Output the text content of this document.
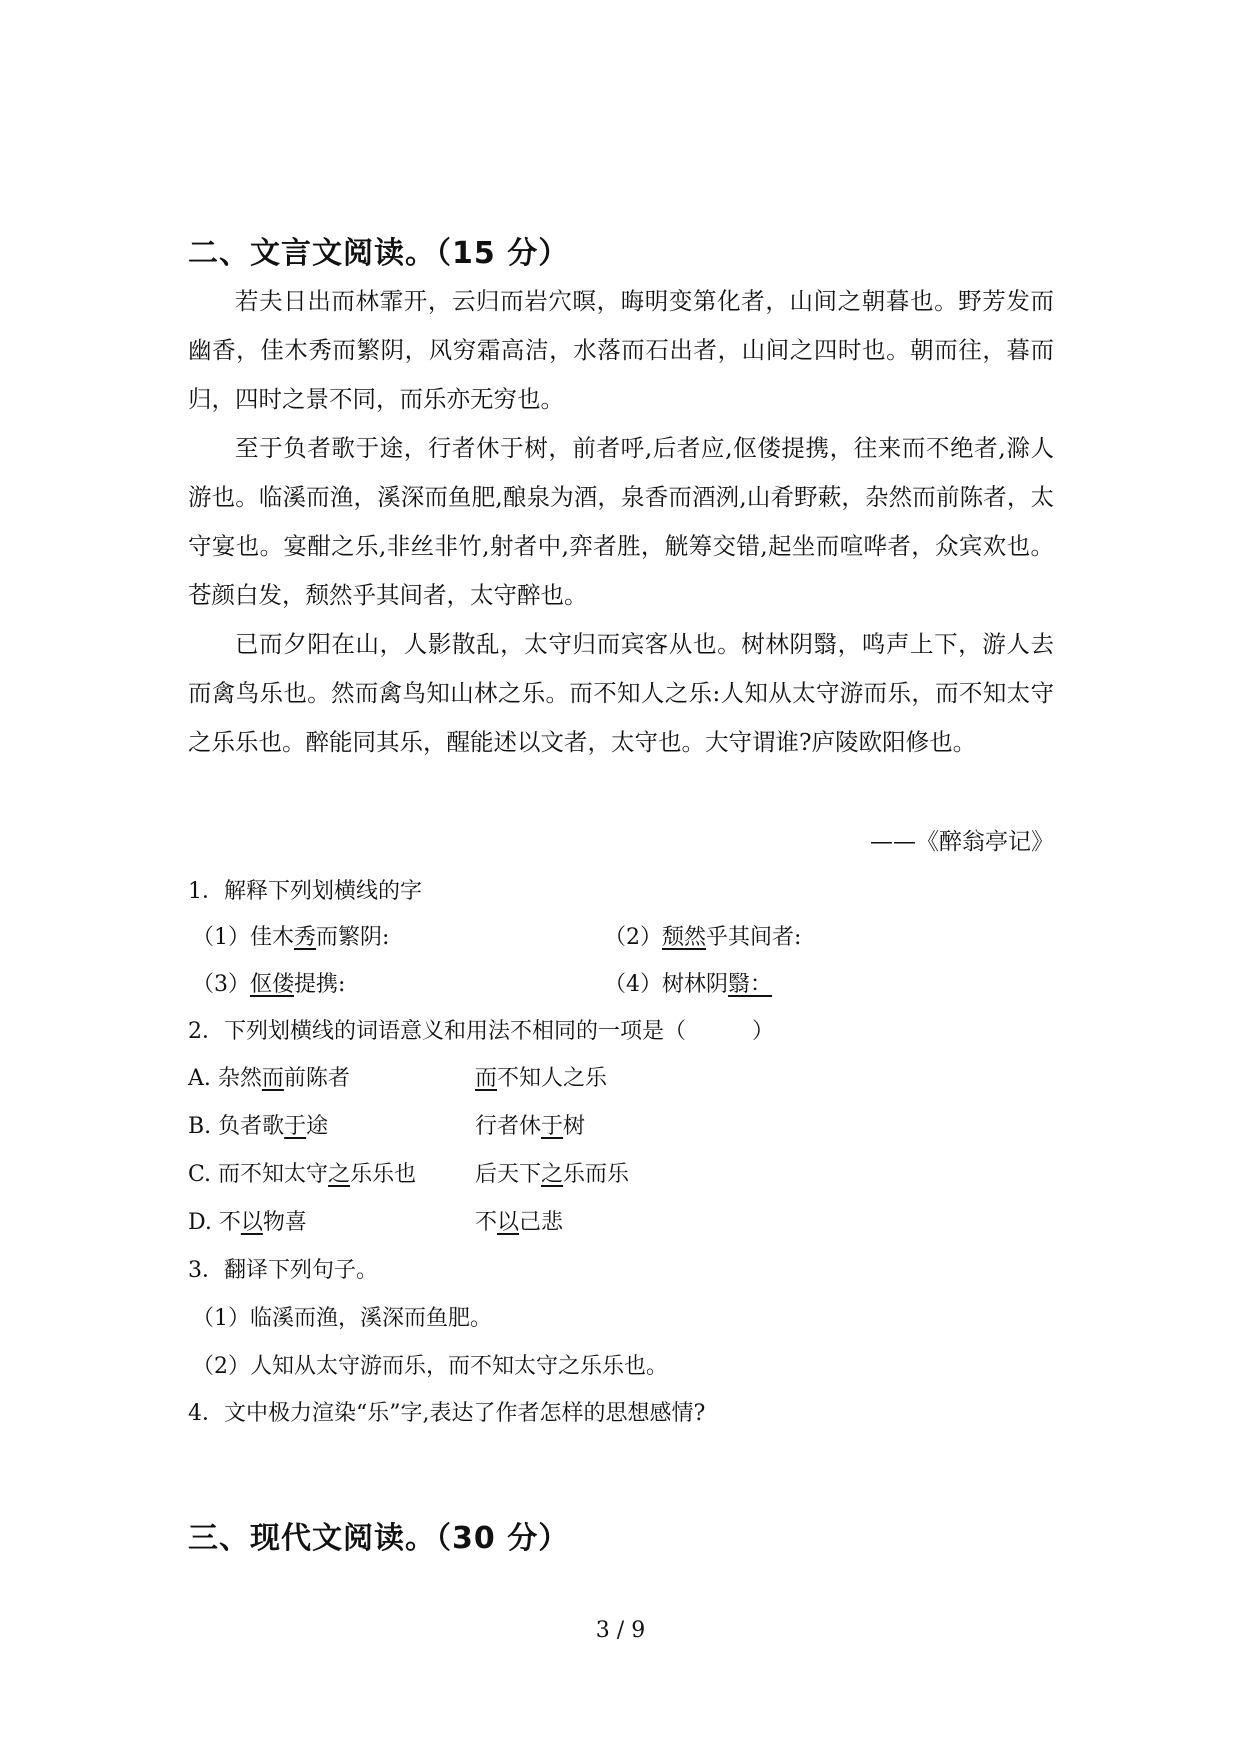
二、文言文阅读。（15 分）

若夫日出而林霏开，云归而岩穴暝，晦明变第化者，山间之朝暮也。野芳发而幽香，佳木秀而繁阴，风穷霜高洁，水落而石出者，山间之四时也。朝而往，暮而归，四时之景不同，而乐亦无穷也。

至于负者歌于途，行者休于树，前者呼,后者应,伛偻提携，往来而不绝者,滁人游也。临溪而渔，溪深而鱼肥,酿泉为酒，泉香而酒洌,山肴野蔌，杂然而前陈者，太守宴也。宴酣之乐,非丝非竹,射者中,弈者胜，觥筹交错,起坐而喧哗者，众宾欢也。苍颜白发，颓然乎其间者，太守醉也。

已而夕阳在山，人影散乱，太守归而宾客从也。树林阴翳，鸣声上下，游人去而禽鸟乐也。然而禽鸟知山林之乐。而不知人之乐:人知从太守游而乐，而不知太守之乐乐也。醉能同其乐，醒能述以文者，太守也。大守谓谁?庐陵欧阳修也。

——《醉翁亭记》
1．解释下列划横线的字
（1）佳木秀而繁阴:	（2）颓然乎其间者:
（3）伛偻提携:	（4）树林阴翳：
2．下列划横线的词语意义和用法不相同的一项是（　　　）
A. 杂然而前陈者	而不知人之乐
B. 负者歌于途	行者休于树
C. 而不知太守之乐乐也	后天下之乐而乐
D. 不以物喜	不以己悲
3．翻译下列句子。
（1）临溪而渔，溪深而鱼肥。
（2）人知从太守游而乐，而不知太守之乐乐也。
4．文中极力渲染“乐”字,表达了作者怎样的思想感情?
三、现代文阅读。（30 分）
3 / 9
